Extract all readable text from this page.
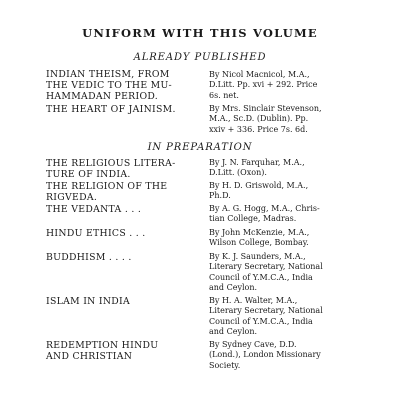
UNIFORM WITH THIS VOLUME
ALREADY PUBLISHED
INDIAN THEISM, FROM
THE VEDIC TO THE MU-
HAMMADAN PERIOD.
By Nicol Macnicol, M.A.,
D.Litt. Pp. xvi + 292. Price
6s. net.
THE HEART OF JAINISM.	By Mrs. Sinclair Stevenson,
M.A., Sc.D. (Dublin). Pp.
xxiv + 336. Price 7s. 6d.
IN PREPARATION
THE RELIGIOUS LITERA-
TURE OF INDIA.
By J. N. Farquhar, M.A.,
D.Litt. (Oxon).
THE RELIGION OF THE
RIGVEDA.
By H. D. Griswold, M.A.,
Ph.D.
THE VEDANTA . . .	By A. G. Hogg, M.A., Chris-
tian College, Madras.
HINDU ETHICS . . .	By John McKenzie, M.A.,
Wilson College, Bombay.
BUDDHISM . . . .	By K. J. Saunders, M.A.,
Literary Secretary, National
Council of Y.M.C.A., India
and Ceylon.
ISLAM IN INDIA	By H. A. Walter, M.A.,
Literary Secretary, National
Council of Y.M.C.A., India
and Ceylon.
REDEMPTION HINDU
AND CHRISTIAN
By Sydney Cave, D.D.
(Lond.), London Missionary
Society.
